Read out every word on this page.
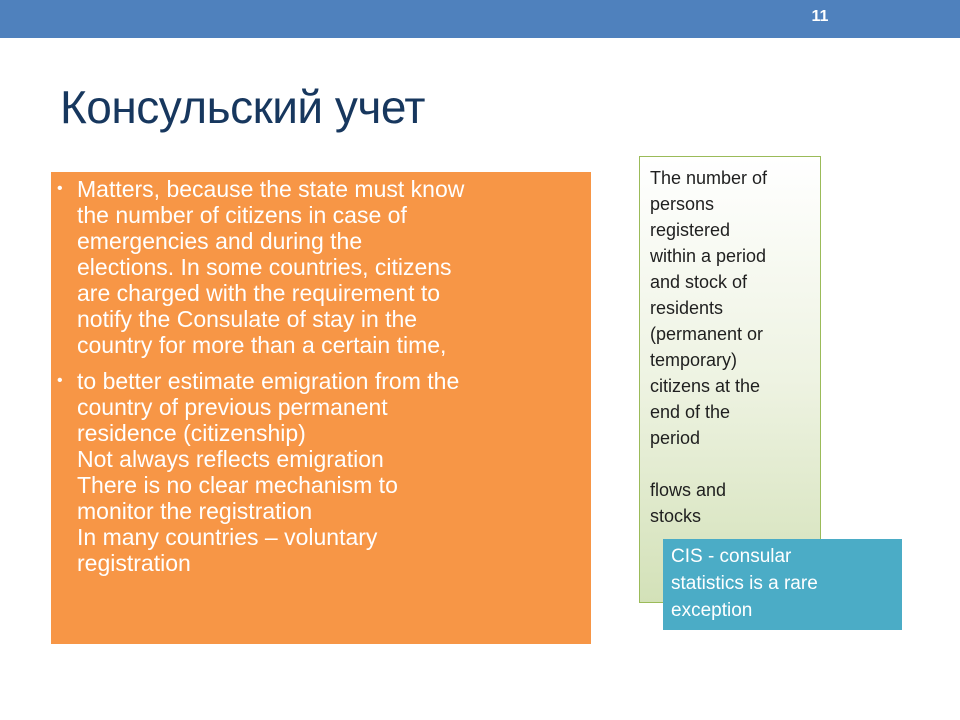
11
Консульский учет
• Matters, because the state must know
the number of citizens in case of
emergencies and during the
elections. In some countries, citizens
are charged with the requirement to
notify the Consulate of stay in the
country for more than a certain time,
• to better estimate emigration from the
country of previous permanent
residence (citizenship)
Not always reflects emigration
There is no clear mechanism to
monitor the registration
In many countries – voluntary
registration
The number of
persons
registered
within a period
and stock of
residents
(permanent or
temporary)
citizens at the
end of the
period
flows and
stocks
CIS - consular
statistics is a rare
exception
